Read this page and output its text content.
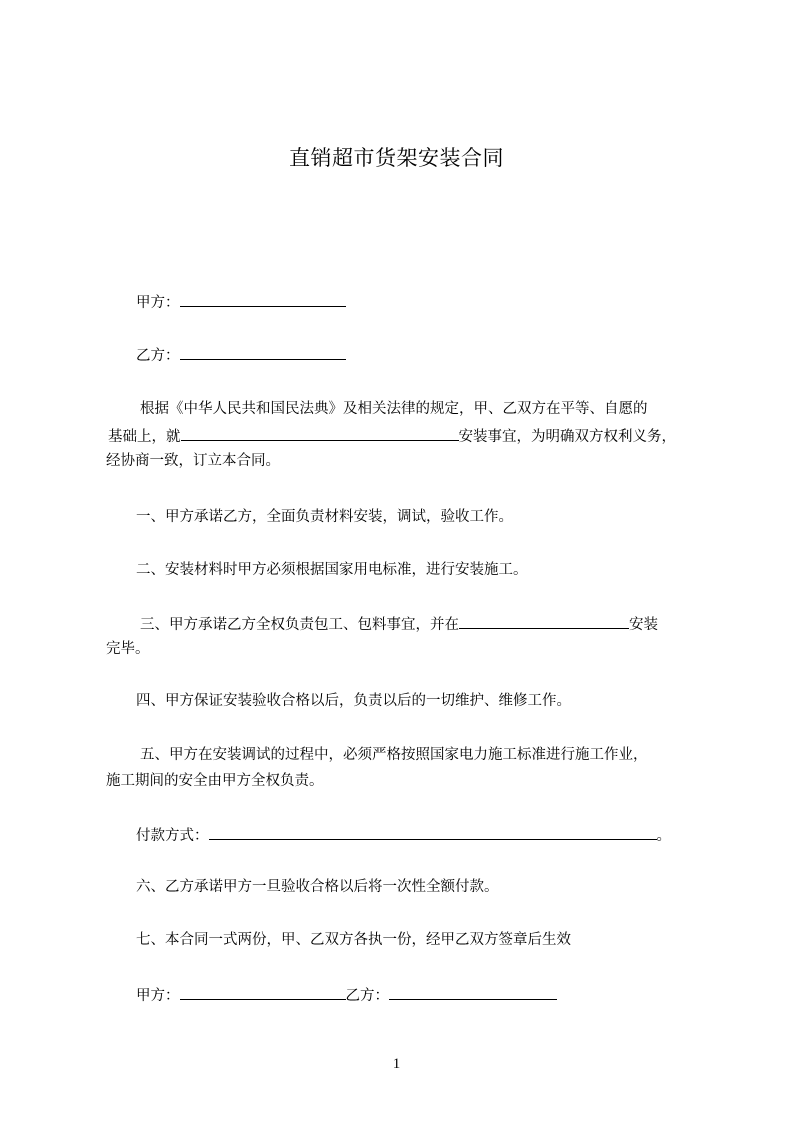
直销超市货架安装合同
甲方：
乙方：
根据《中华人民共和国民法典》及相关法律的规定，甲、乙双方在平等、自愿的
基础上，就	安装事宜，为明确双方权利义务，
经协商一致，订立本合同。
一、甲方承诺乙方，全面负责材料安装，调试，验收工作。
二、安装材料时甲方必须根据国家用电标准，进行安装施工。
三、甲方承诺乙方全权负责包工、包料事宜，并在	安装
完毕。
四、甲方保证安装验收合格以后，负责以后的一切维护、维修工作。
五、甲方在安装调试的过程中，必须严格按照国家电力施工标准进行施工作业，
施工期间的安全由甲方全权负责。
付款方式：	。
六、乙方承诺甲方一旦验收合格以后将一次性全额付款。
七、本合同一式两份，甲、乙双方各执一份，经甲乙双方签章后生效
甲方：	乙方：
1
